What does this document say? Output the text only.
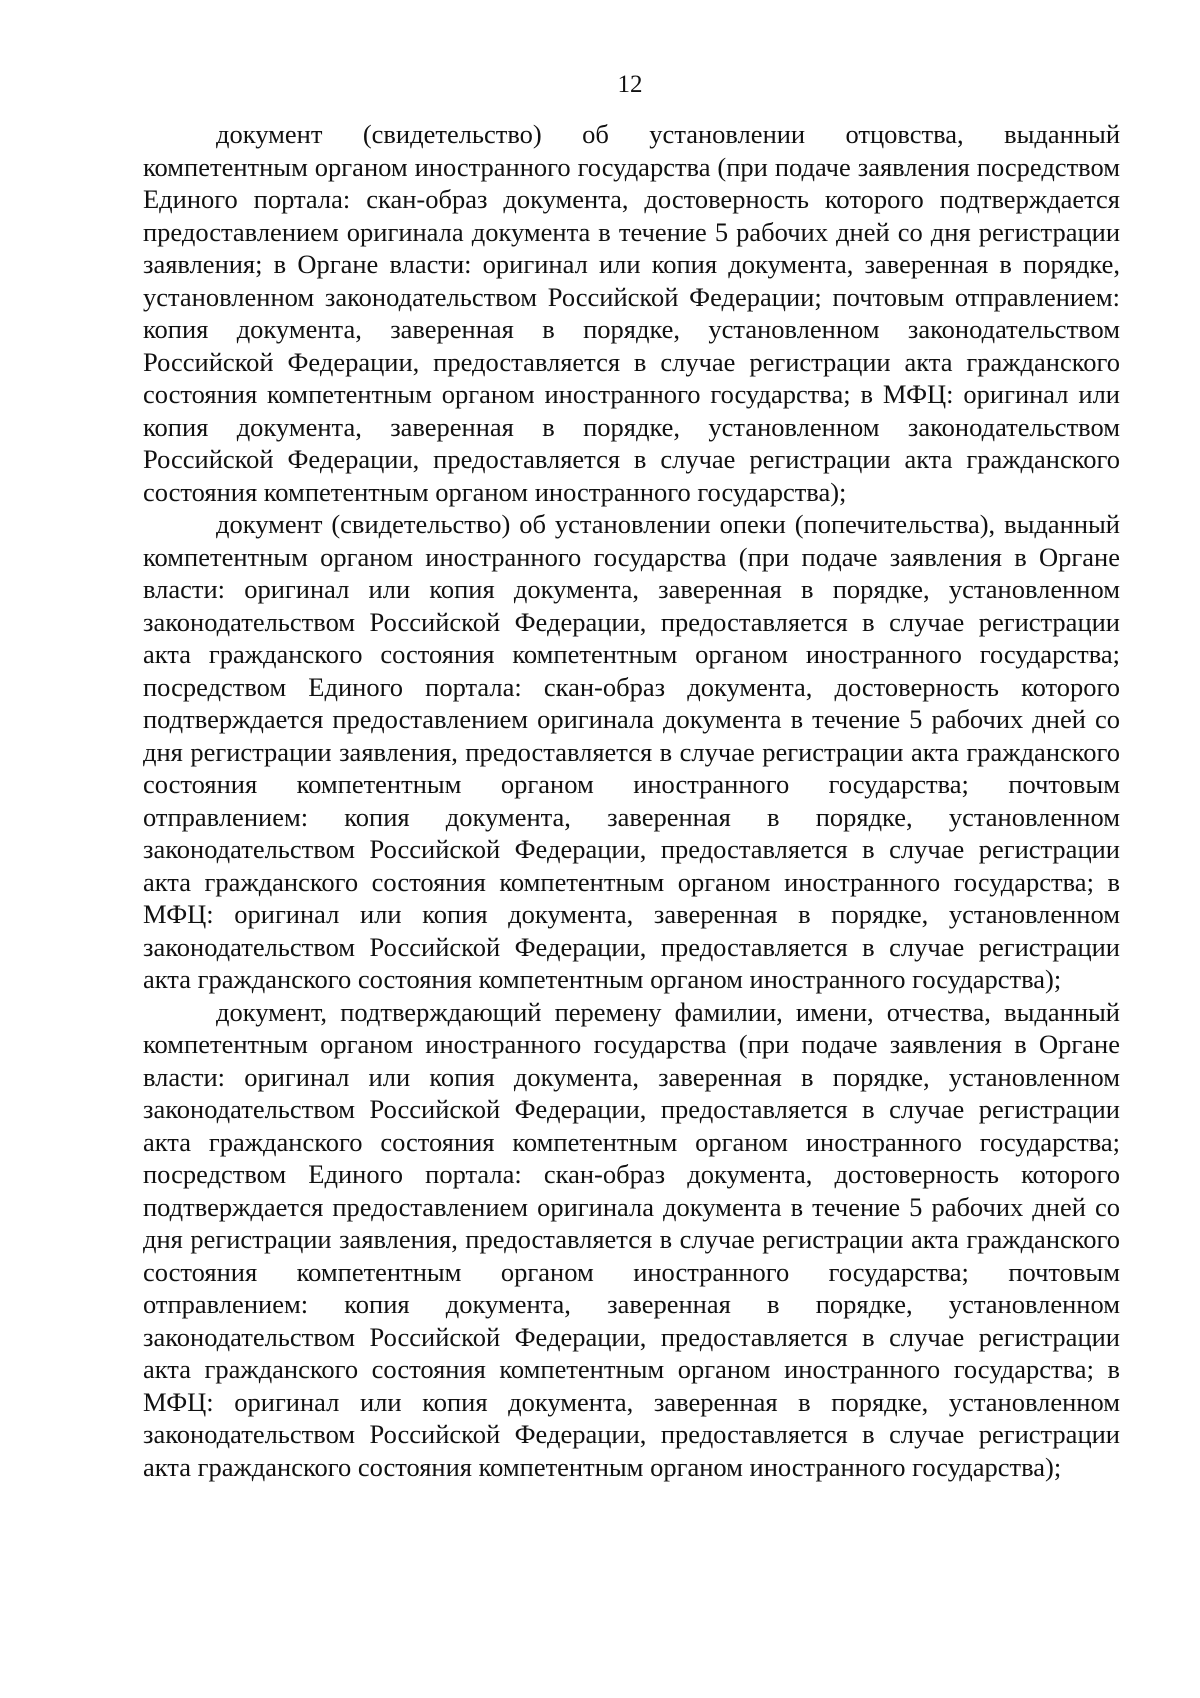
12

документ (свидетельство) об установлении отцовства, выданный компетентным органом иностранного государства (при подаче заявления посредством Единого портала: скан-образ документа, достоверность которого подтверждается предоставлением оригинала документа в течение 5 рабочих дней со дня регистрации заявления; в Органе власти: оригинал или копия документа, заверенная в порядке, установленном законодательством Российской Федерации; почтовым отправлением: копия документа, заверенная в порядке, установленном законодательством Российской Федерации, предоставляется в случае регистрации акта гражданского состояния компетентным органом иностранного государства; в МФЦ: оригинал или копия документа, заверенная в порядке, установленном законодательством Российской Федерации, предоставляется в случае регистрации акта гражданского состояния компетентным органом иностранного государства);

документ (свидетельство) об установлении опеки (попечительства), выданный компетентным органом иностранного государства (при подаче заявления в Органе власти: оригинал или копия документа, заверенная в порядке, установленном законодательством Российской Федерации, предоставляется в случае регистрации акта гражданского состояния компетентным органом иностранного государства; посредством Единого портала: скан-образ документа, достоверность которого подтверждается предоставлением оригинала документа в течение 5 рабочих дней со дня регистрации заявления, предоставляется в случае регистрации акта гражданского состояния компетентным органом иностранного государства; почтовым отправлением: копия документа, заверенная в порядке, установленном законодательством Российской Федерации, предоставляется в случае регистрации акта гражданского состояния компетентным органом иностранного государства; в МФЦ: оригинал или копия документа, заверенная в порядке, установленном законодательством Российской Федерации, предоставляется в случае регистрации акта гражданского состояния компетентным органом иностранного государства);

документ, подтверждающий перемену фамилии, имени, отчества, выданный компетентным органом иностранного государства (при подаче заявления в Органе власти: оригинал или копия документа, заверенная в порядке, установленном законодательством Российской Федерации, предоставляется в случае регистрации акта гражданского состояния компетентным органом иностранного государства; посредством Единого портала: скан-образ документа, достоверность которого подтверждается предоставлением оригинала документа в течение 5 рабочих дней со дня регистрации заявления, предоставляется в случае регистрации акта гражданского состояния компетентным органом иностранного государства; почтовым отправлением: копия документа, заверенная в порядке, установленном законодательством Российской Федерации, предоставляется в случае регистрации акта гражданского состояния компетентным органом иностранного государства; в МФЦ: оригинал или копия документа, заверенная в порядке, установленном законодательством Российской Федерации, предоставляется в случае регистрации акта гражданского состояния компетентным органом иностранного государства);
